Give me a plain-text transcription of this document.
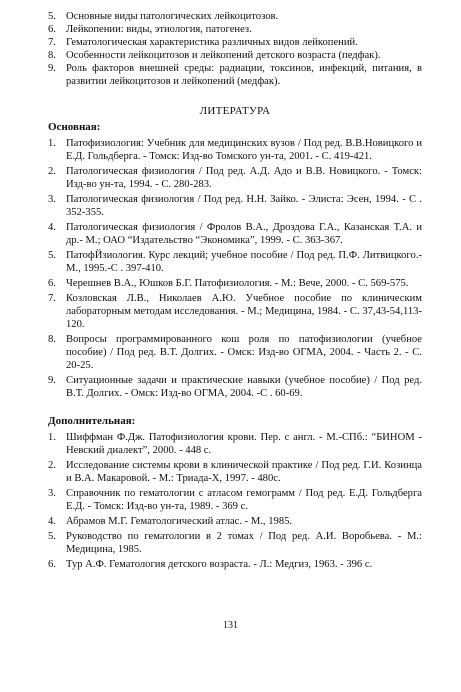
5. Основные виды патологических лейкоцитозов.
6. Лейкопении: виды, этиология, патогенез.
7. Гематологическая характеристика различных видов лейкопений.
8. Особенности лейкоцитозов и лейкопений детского возраста (педфак).
9. Роль факторов внешней среды: радиации, токсинов, инфекций, питания, в развитии лейкоцитозов и лейкопений (медфак).
ЛИТЕРАТУРА
Основная:
1. Патофизиология: Учебник для медицинских вузов / Под ред. В.В.Новицкого и Е.Д. Гольдберга. - Томск: Изд-во Томского ун-та, 2001. - С. 419-421.
2. Патологическая физиология / Под ред. А.Д. Адо и В.В. Новицкого. - Томск: Изд-во ун-та, 1994. - С. 280-283.
3. Патологическая физиология / Под ред. Н.Н. Зайко. - Элиста: Эсен, 1994. - С . 352-355.
4. Патологическая физиология / Фролов В.А., Дроздова Г.А., Казанская Т.А. и др.- М.; ОАО “Издательство “Экономика”, 1999. - С. 363-367.
5. ПатофЙзиология. Курс лекций; учебное пособие / Под ред. П.Ф. Литвицкого.-М., 1995.-С . 397-410.
6. Черешнев В.А., Юшков Б.Г. Патофизиология. - М.: Вече, 2000. - С. 569-575.
7. Козловская Л.В., Николаев А.Ю. Учебное пособие по клиническим лабораторным методам исследования. - М.; Медицина, 1984. - С. 37,43-54,113-120.
8. Вопросы программированного кош роля по патофизиологии (учебное пособие) / Под ред. В.Т. Долгих. - Омск: Изд-во ОГМА, 2004. - Часть 2. - С. 20-25.
9. Ситуационные задачи и практические навыки (учебное пособие) / Под ред. В.Т. Долгих. - Омск: Изд-во ОГМА, 2004. -С . 60-69.
Дополнительная:
1. Шиффман Ф.Дж. Патофизиология крови. Пер. с англ. - М.-СПб.: “БИНОМ - Невский диалект”, 2000. - 448 с.
2. Исследование системы крови в клинической практике / Под ред. Г.И. Козинца и В.А. Макаровой. - М.: Триада-Х, 1997. - 480с.
3. Справочник по гематологии с атласом гемограмм / Под ред. Е.Д. Гольдберга Е.Д. - Томск: Изд-во ун-та, 1989. - 369 с.
4. Абрамов М.Г. Гематологический атлас. - М., 1985.
5. Руководство по гематологии в 2 томах / Под ред. А.И. Воробьева. - М.: Медицина, 1985.
6. Тур А.Ф. Гематология детского возраста. - Л.: Медгиз, 1963. - 396 с.
131
